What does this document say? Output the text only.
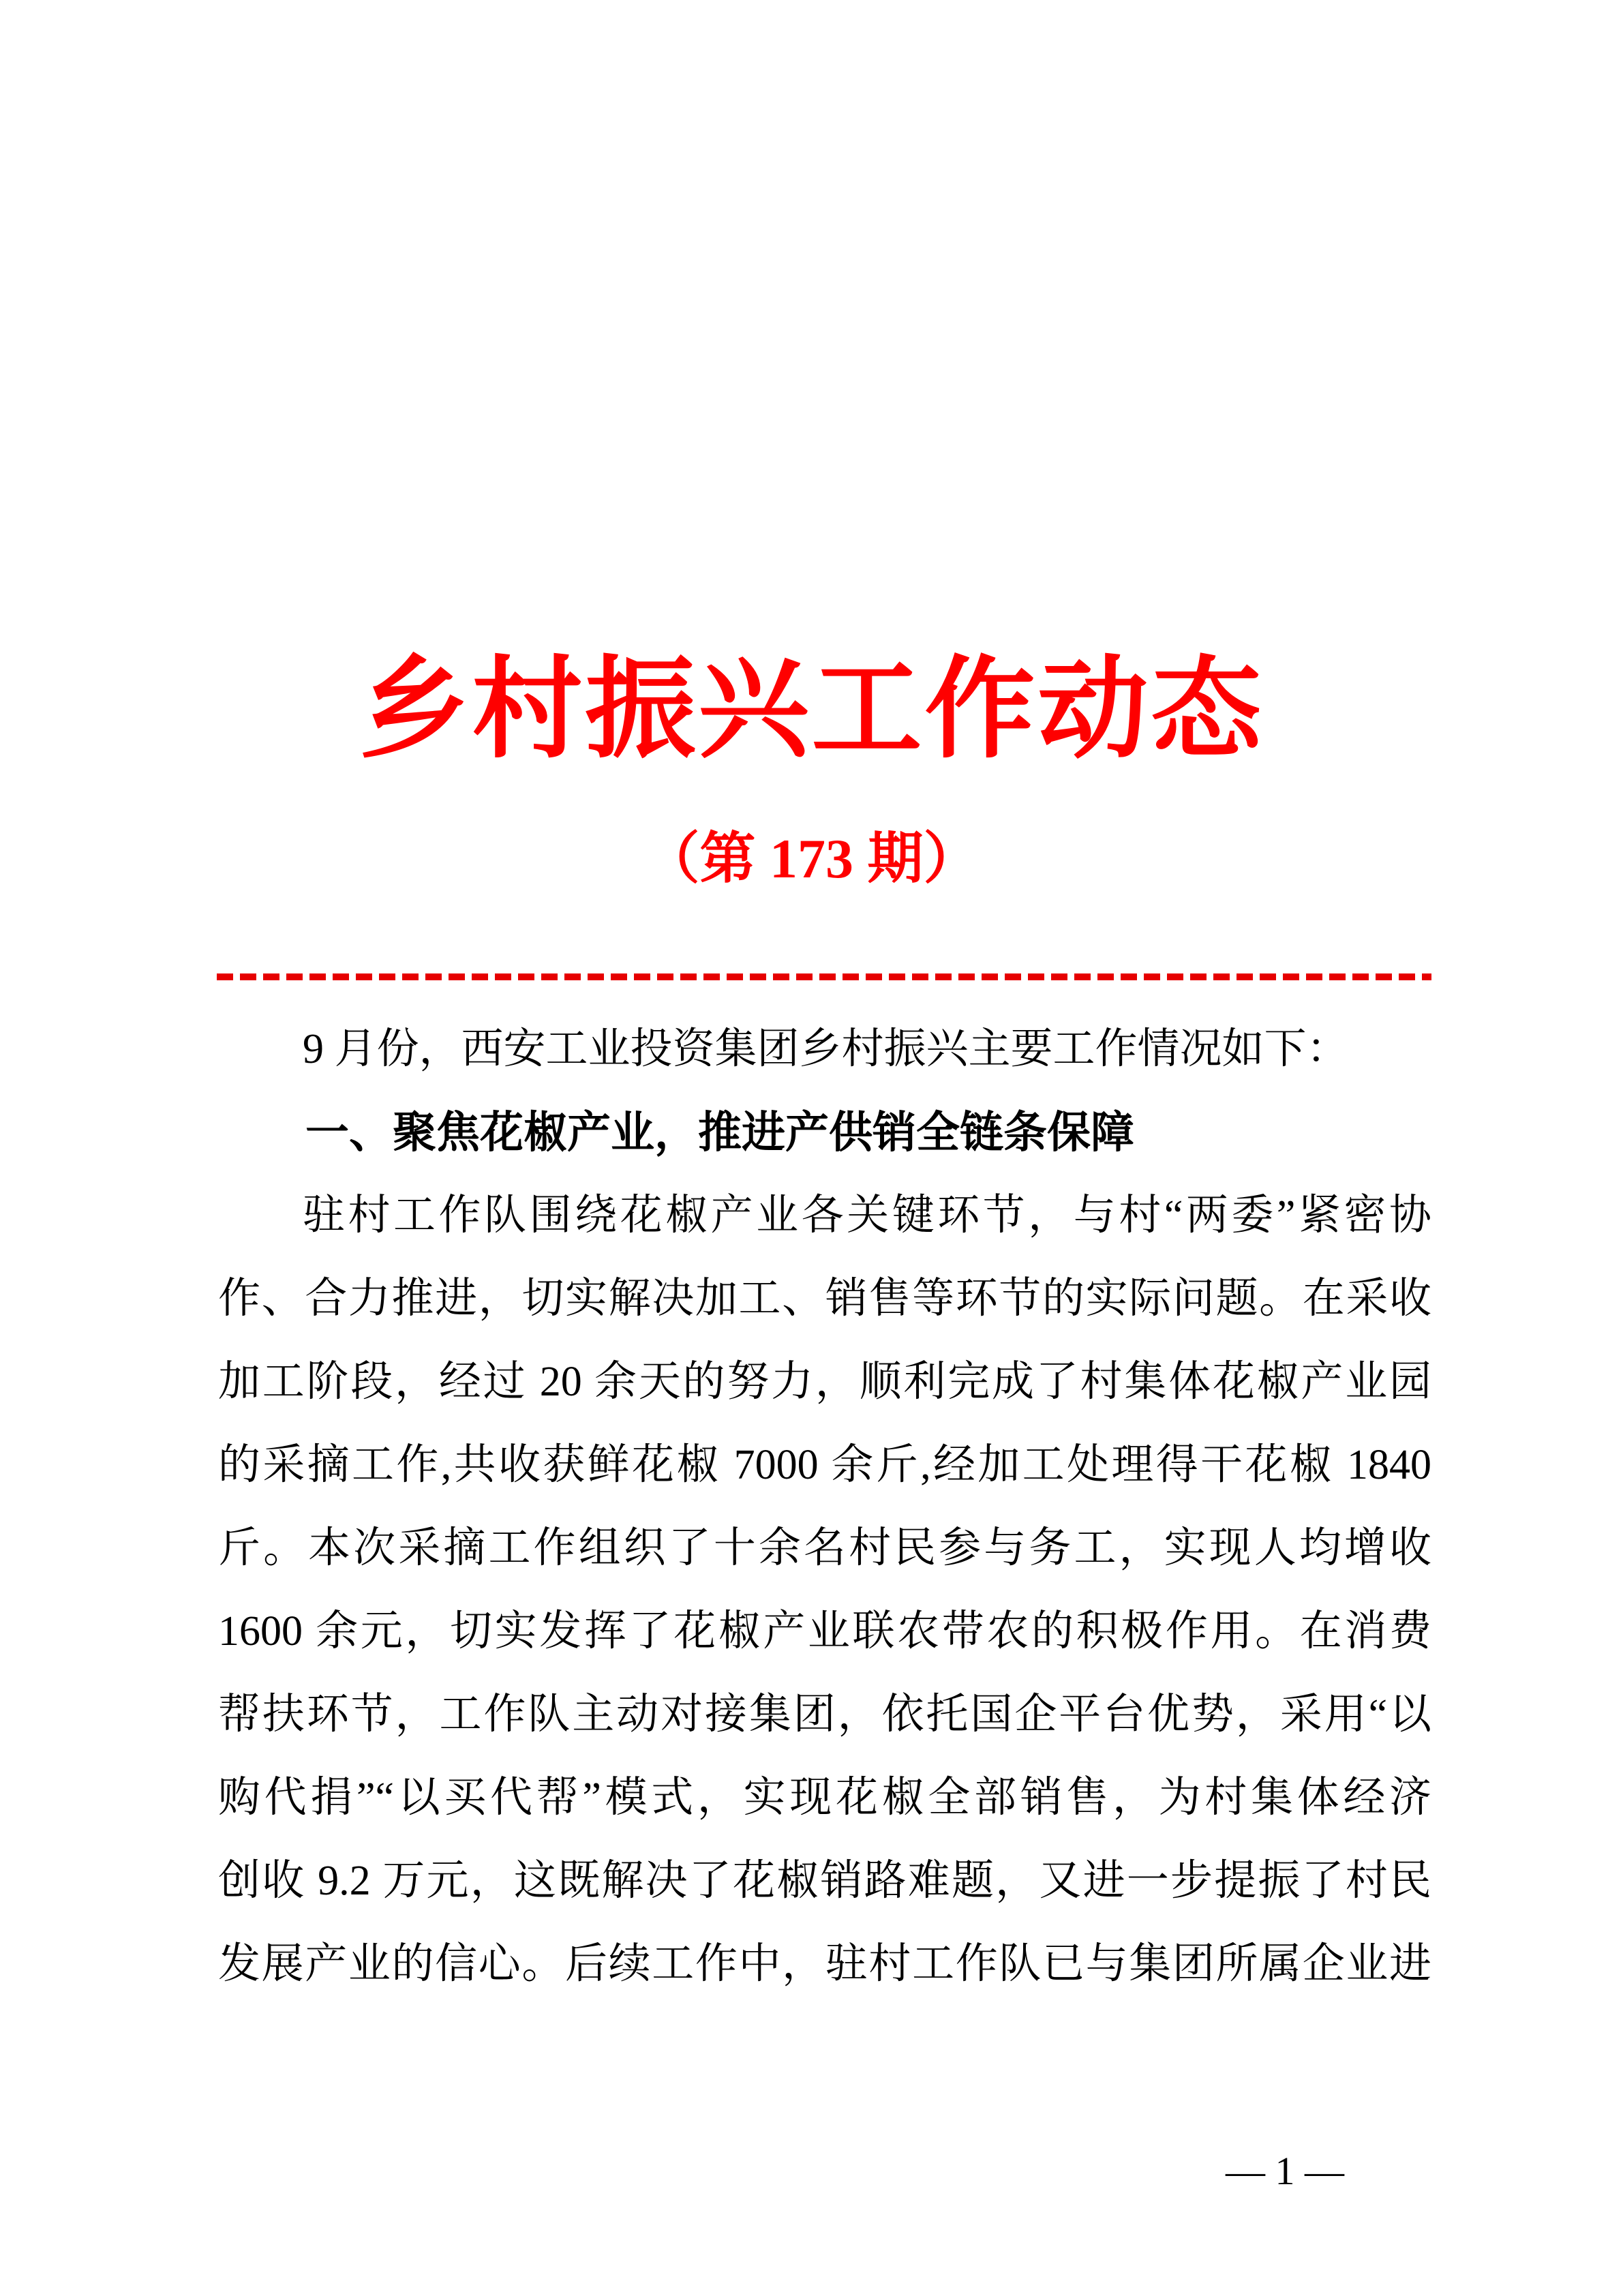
乡村振兴工作动态
（第 173 期）
9 月份，西安工业投资集团乡村振兴主要工作情况如下：
一、聚焦花椒产业，推进产供销全链条保障
驻村工作队围绕花椒产业各关键环节，与村“两委”紧密协
作、合力推进，切实解决加工、销售等环节的实际问题。在采收
加工阶段，经过 20 余天的努力，顺利完成了村集体花椒产业园
的采摘工作,共收获鲜花椒 7000 余斤,经加工处理得干花椒 1840
斤。本次采摘工作组织了十余名村民参与务工，实现人均增收
1600 余元，切实发挥了花椒产业联农带农的积极作用。在消费
帮扶环节，工作队主动对接集团，依托国企平台优势，采用“以
购代捐”“以买代帮”模式，实现花椒全部销售，为村集体经济
创收 9.2 万元，这既解决了花椒销路难题，又进一步提振了村民
发展产业的信心。后续工作中，驻村工作队已与集团所属企业进
— 1 —
